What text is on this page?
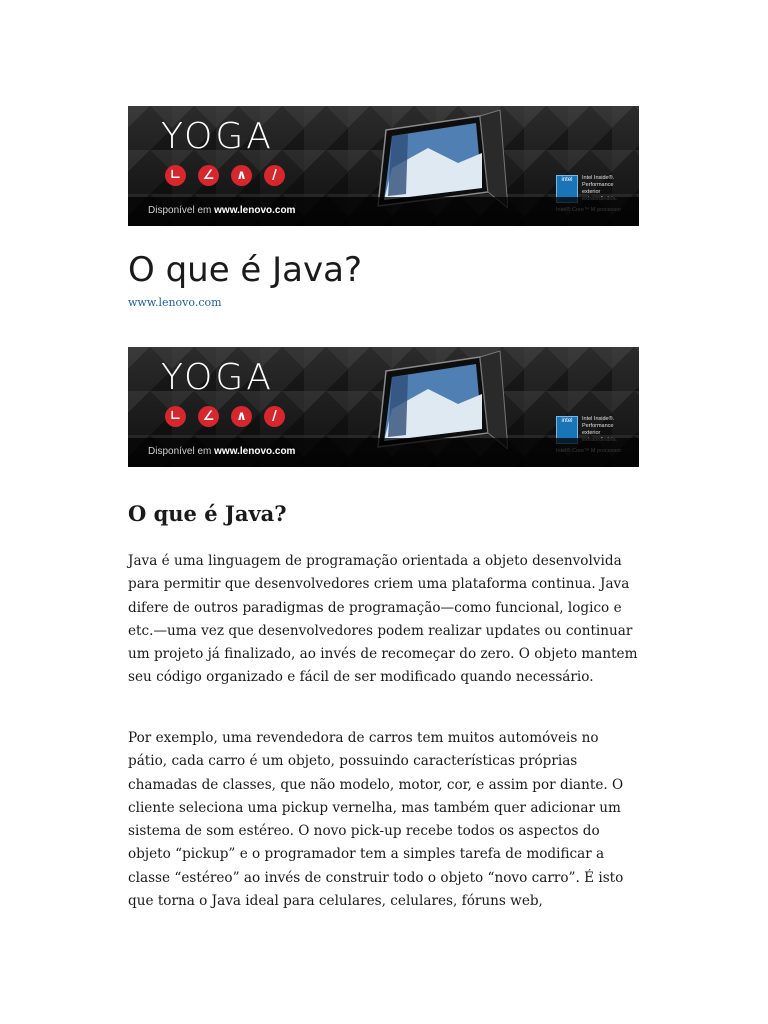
YOGA
∟	∠	∧	/	intel	Intel Inside®.
Performance
exterior
Disponível em www.lenovo.com
O que é Java?
www.lenovo.com
YOGA
∟	∠	∧	/	intel	Intel Inside®.
Performance
exterior
Disponível em www.lenovo.com
O que é Java?

Java é uma linguagem de programação orientada a objeto desenvolvida para permitir que desenvolvedores criem uma plataforma continua. Java difere de outros paradigmas de programação—como funcional, logico e etc.—uma vez que desenvolvedores podem realizar updates ou continuar um projeto já finalizado, ao invés de recomeçar do zero. O objeto mantem seu código organizado e fácil de ser modificado quando necessário.

Por exemplo, uma revendedora de carros tem muitos automóveis no pátio, cada carro é um objeto, possuindo características próprias chamadas de classes, que não modelo, motor, cor, e assim por diante. O cliente seleciona uma pickup vernelha, mas também quer adicionar um sistema de som estéreo. O novo pick-up recebe todos os aspectos do objeto “pickup” e o programador tem a simples tarefa de modificar a classe “estéreo” ao invés de construir todo o objeto “novo carro”. É isto que torna o Java ideal para celulares, celulares, fóruns web,
